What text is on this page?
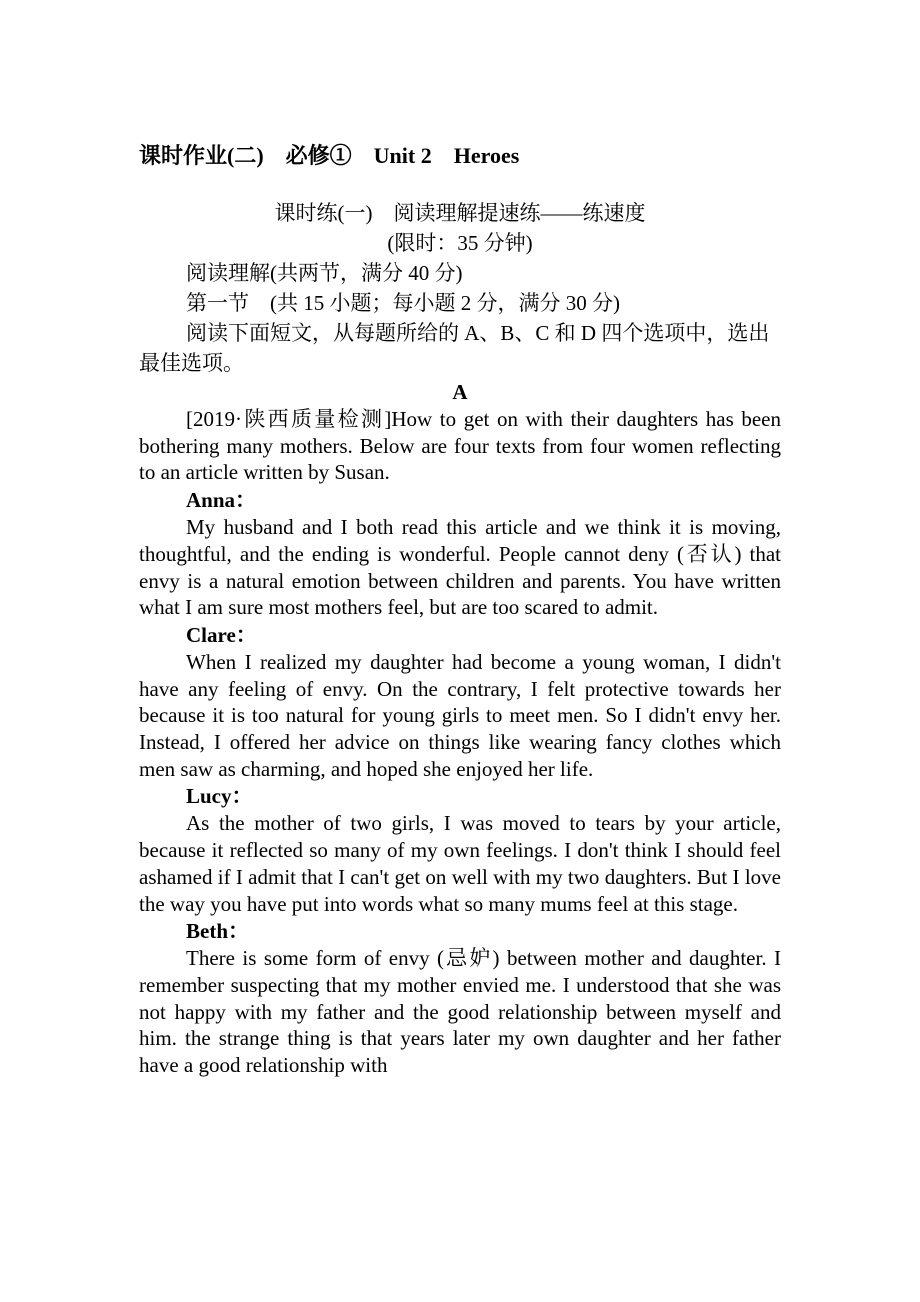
课时作业(二) 必修① Unit 2 Heroes
课时练(一)　阅读理解提速练——练速度
(限时：35 分钟)
阅读理解(共两节，满分 40 分)
第一节　 (共 15 小题；每小题 2 分，满分 30 分)
阅读下面短文，从每题所给的 A、B、C 和 D 四个选项中，选出最佳选项。
A

[2019·陕西质量检测]How to get on with their daughters has been bothering many mothers. Below are four texts from four women reflecting to an article written by Susan.

Anna：

My husband and I both read this article and we think it is moving, thoughtful, and the ending is wonderful. People cannot deny (否认) that envy is a natural emotion between children and parents. You have written what I am sure most mothers feel, but are too scared to admit.

Clare：

When I realized my daughter had become a young woman, I didn't have any feeling of envy. On the contrary, I felt protective towards her because it is too natural for young girls to meet men. So I didn't envy her. Instead, I offered her advice on things like wearing fancy clothes which men saw as charming, and hoped she enjoyed her life.

Lucy：

As the mother of two girls, I was moved to tears by your article, because it reflected so many of my own feelings. I don't think I should feel ashamed if I admit that I can't get on well with my two daughters. But I love the way you have put into words what so many mums feel at this stage.

Beth：

There is some form of envy (忌妒) between mother and daughter. I remember suspecting that my mother envied me. I understood that she was not happy with my father and the good relationship between myself and him. the strange thing is that years later my own daughter and her father have a good relationship with
